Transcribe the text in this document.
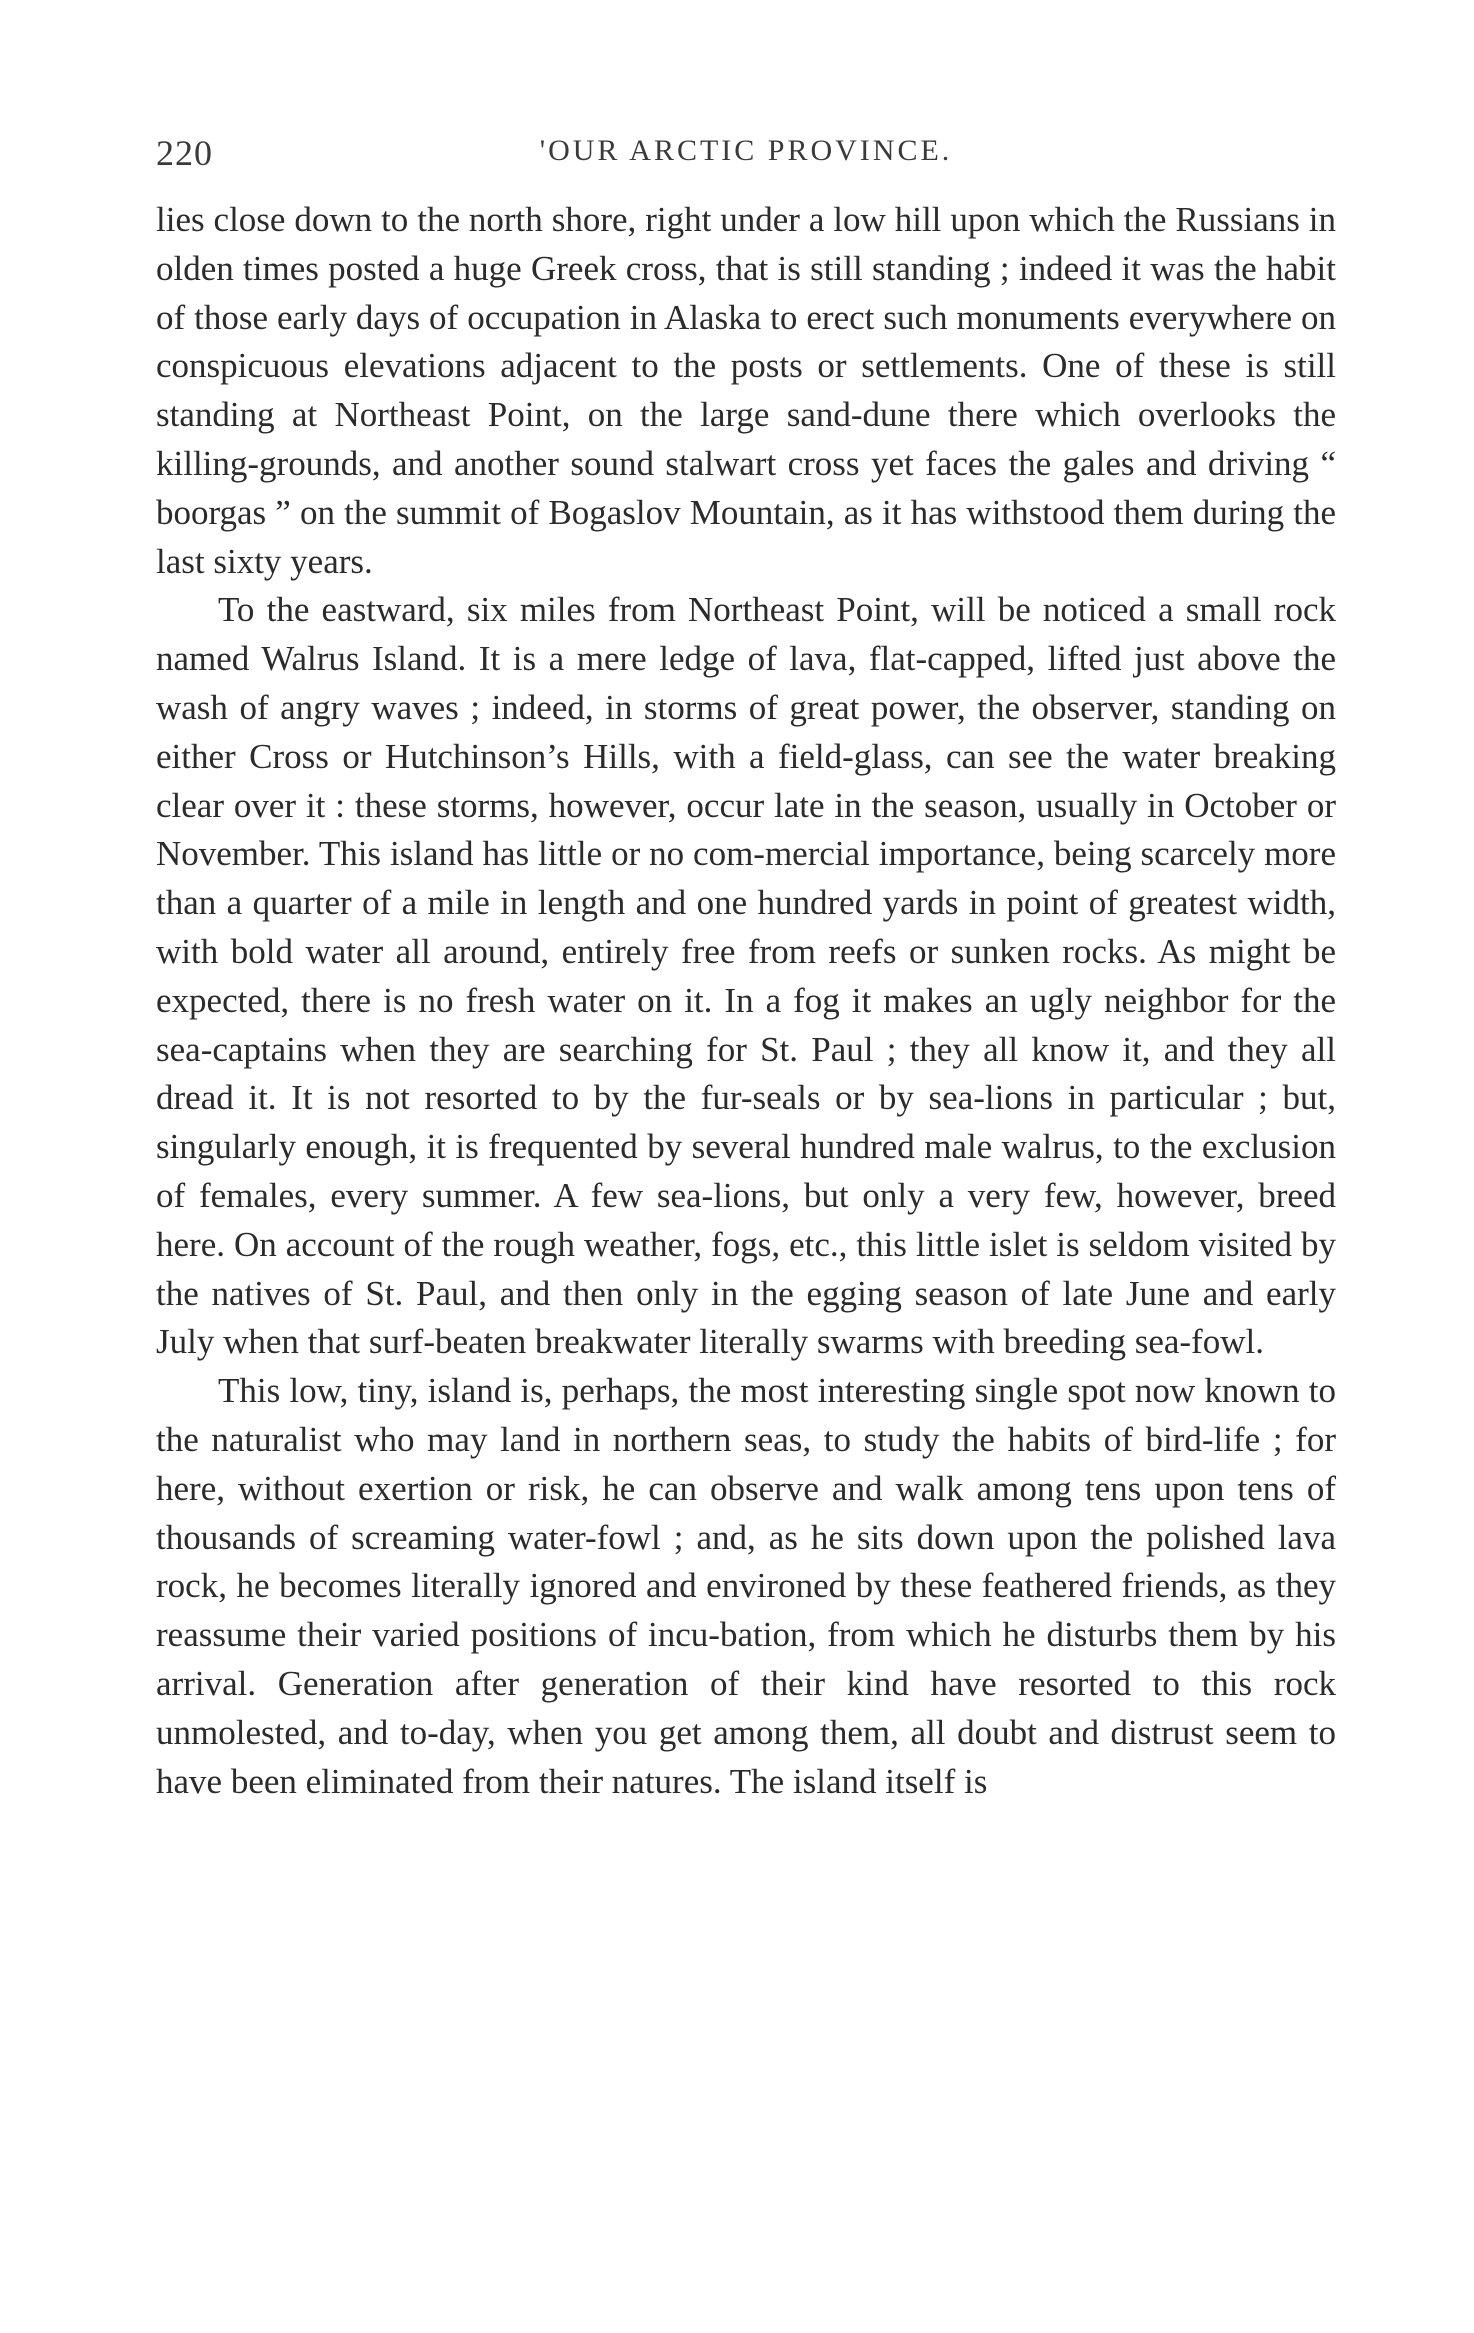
220	'OUR ARCTIC PROVINCE.

lies close down to the north shore, right under a low hill upon which the Russians in olden times posted a huge Greek cross, that is still standing ; indeed it was the habit of those early days of occupation in Alaska to erect such monuments everywhere on conspicuous elevations adjacent to the posts or settlements. One of these is still standing at Northeast Point, on the large sand-dune there which overlooks the killing-grounds, and another sound stalwart cross yet faces the gales and driving “ boorgas ” on the summit of Bogaslov Mountain, as it has withstood them during the last sixty years.

To the eastward, six miles from Northeast Point, will be noticed a small rock named Walrus Island. It is a mere ledge of lava, flat-capped, lifted just above the wash of angry waves ; indeed, in storms of great power, the observer, standing on either Cross or Hutchinson’s Hills, with a field-glass, can see the water breaking clear over it : these storms, however, occur late in the season, usually in October or November. This island has little or no com-mercial importance, being scarcely more than a quarter of a mile in length and one hundred yards in point of greatest width, with bold water all around, entirely free from reefs or sunken rocks. As might be expected, there is no fresh water on it. In a fog it makes an ugly neighbor for the sea-captains when they are searching for St. Paul ; they all know it, and they all dread it. It is not resorted to by the fur-seals or by sea-lions in particular ; but, singularly enough, it is frequented by several hundred male walrus, to the exclusion of females, every summer. A few sea-lions, but only a very few, however, breed here. On account of the rough weather, fogs, etc., this little islet is seldom visited by the natives of St. Paul, and then only in the egging season of late June and early July when that surf-beaten breakwater literally swarms with breeding sea-fowl.

This low, tiny, island is, perhaps, the most interesting single spot now known to the naturalist who may land in northern seas, to study the habits of bird-life ; for here, without exertion or risk, he can observe and walk among tens upon tens of thousands of screaming water-fowl ; and, as he sits down upon the polished lava rock, he becomes literally ignored and environed by these feathered friends, as they reassume their varied positions of incu-bation, from which he disturbs them by his arrival. Generation after generation of their kind have resorted to this rock unmolested, and to-day, when you get among them, all doubt and distrust seem to have been eliminated from their natures. The island itself is
